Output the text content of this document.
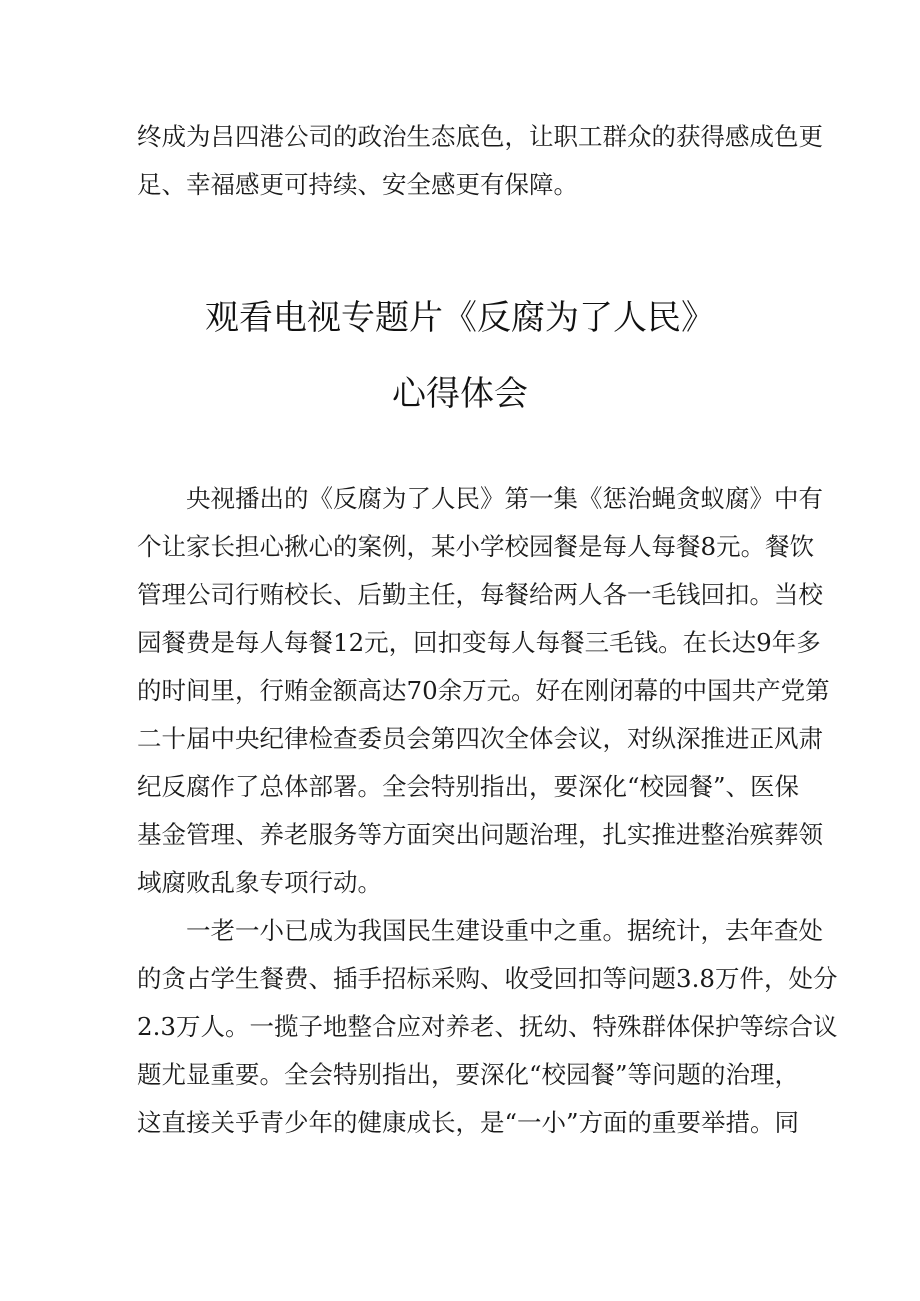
终成为吕四港公司的政治生态底色，让职工群众的获得感成色更

足、幸福感更可持续、安全感更有保障。

观看电视专题片《反腐为了人民》
心得体会

央视播出的《反腐为了人民》第一集《惩治蝇贪蚁腐》中有

个让家长担心揪心的案例，某小学校园餐是每人每餐8元。餐饮

管理公司行贿校长、后勤主任，每餐给两人各一毛钱回扣。当校

园餐费是每人每餐12元，回扣变每人每餐三毛钱。在长达9年多

的时间里，行贿金额高达70余万元。好在刚闭幕的中国共产党第

二十届中央纪律检查委员会第四次全体会议，对纵深推进正风肃

纪反腐作了总体部署。全会特别指出，要深化“校园餐”、医保

基金管理、养老服务等方面突出问题治理，扎实推进整治殡葬领

域腐败乱象专项行动。

一老一小已成为我国民生建设重中之重。据统计，去年查处

的贪占学生餐费、插手招标采购、收受回扣等问题3.8万件，处分

2.3万人。一揽子地整合应对养老、抚幼、特殊群体保护等综合议

题尤显重要。全会特别指出，要深化“校园餐”等问题的治理，

这直接关乎青少年的健康成长，是“一小”方面的重要举措。同
